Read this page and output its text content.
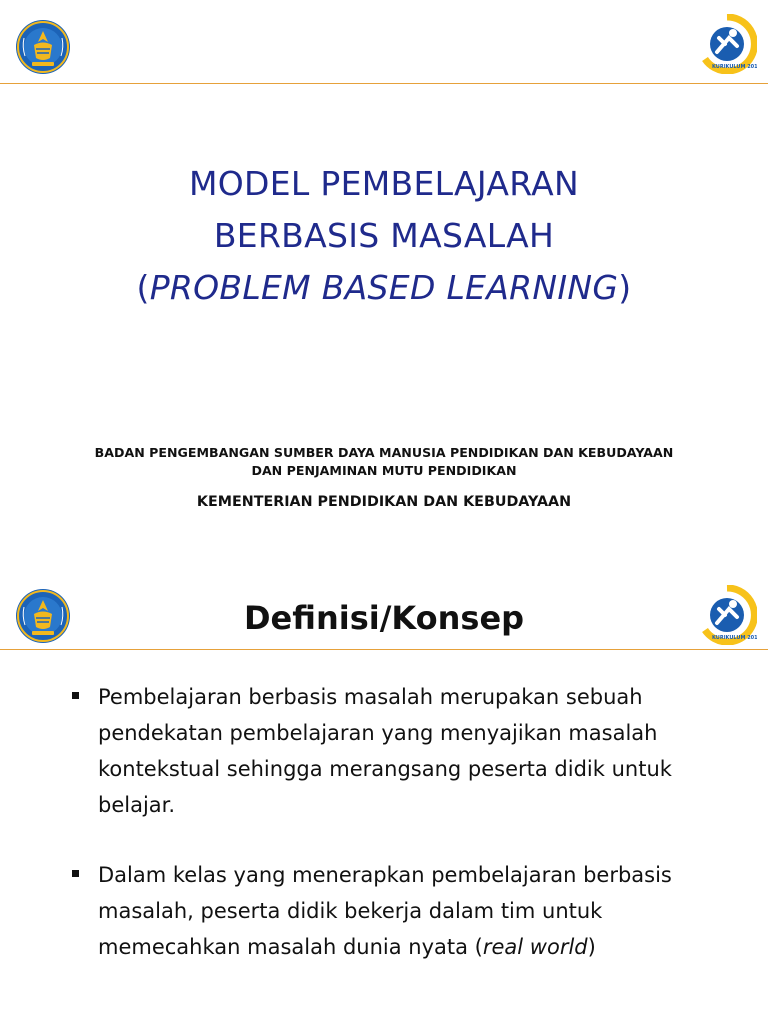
KURIKULUM 2013
MODEL PEMBELAJARAN
BERBASIS MASALAH
(PROBLEM BASED LEARNING)
BADAN PENGEMBANGAN SUMBER DAYA MANUSIA PENDIDIKAN DAN KEBUDAYAAN
DAN PENJAMINAN MUTU PENDIDIKAN
KEMENTERIAN PENDIDIKAN DAN KEBUDAYAAN
KURIKULUM 2013
Definisi/Konsep
Pembelajaran berbasis masalah merupakan sebuah pendekatan pembelajaran yang menyajikan masalah kontekstual sehingga merangsang peserta didik untuk belajar.
Dalam kelas yang menerapkan pembelajaran berbasis masalah, peserta didik bekerja dalam tim untuk memecahkan masalah dunia nyata (real world)
